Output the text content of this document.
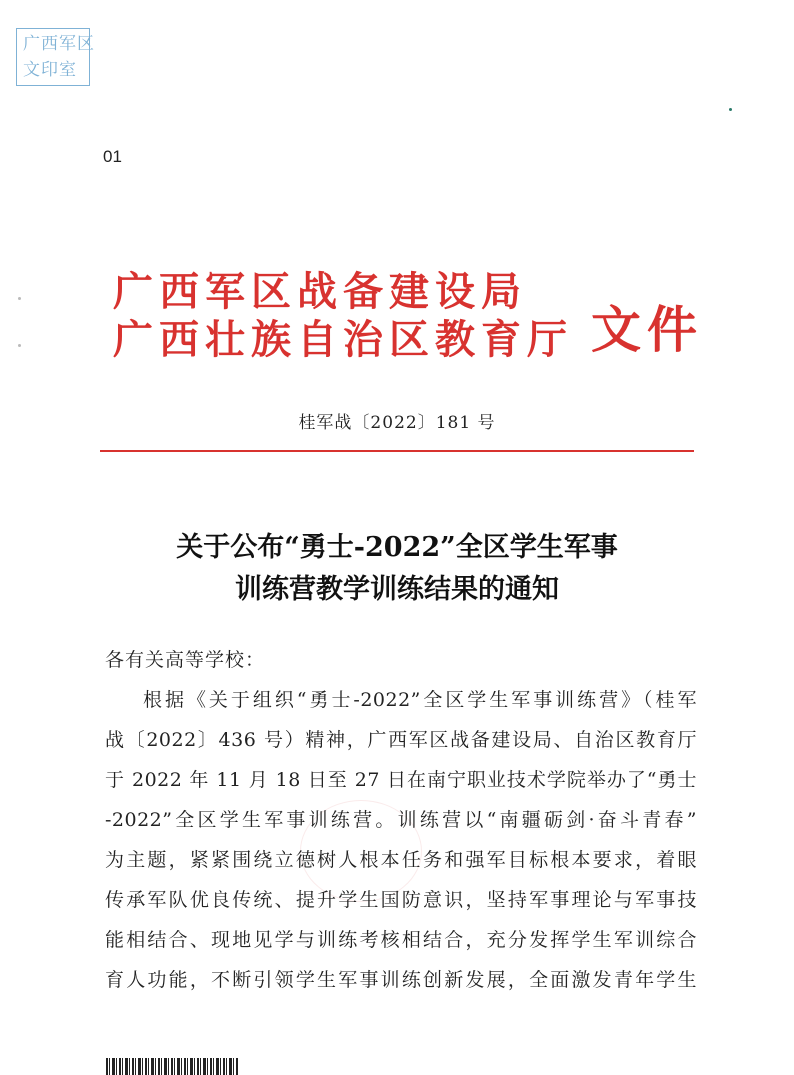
广西军区
文印室
01
广西军区战备建设局
广西壮族自治区教育厅 文件
桂军战〔2022〕181 号
关于公布“勇士-2022”全区学生军事
训练营教学训练结果的通知
各有关高等学校：
根据《关于组织“勇士-2022”全区学生军事训练营》（桂军
战〔2022〕436 号）精神，广西军区战备建设局、自治区教育厅
于 2022 年 11 月 18 日至 27 日在南宁职业技术学院举办了“勇士
-2022”全区学生军事训练营。训练营以“南疆砺剑·奋斗青春”
为主题，紧紧围绕立德树人根本任务和强军目标根本要求，着眼
传承军队优良传统、提升学生国防意识，坚持军事理论与军事技
能相结合、现地见学与训练考核相结合，充分发挥学生军训综合
育人功能，不断引领学生军事训练创新发展，全面激发青年学生
